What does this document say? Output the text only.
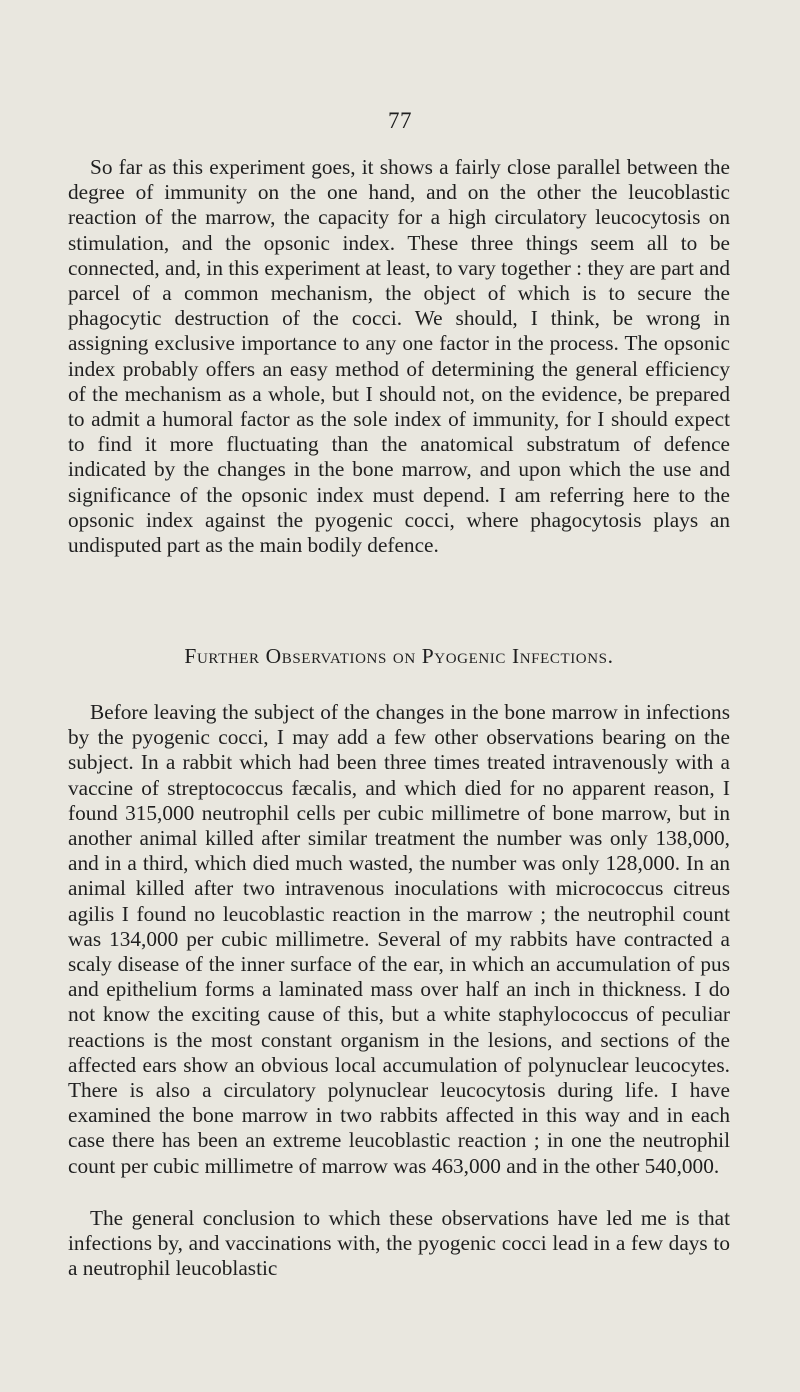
77

So far as this experiment goes, it shows a fairly close parallel between the degree of immunity on the one hand, and on the other the leucoblastic reaction of the marrow, the capacity for a high circulatory leucocytosis on stimulation, and the opsonic index. These three things seem all to be connected, and, in this experiment at least, to vary together : they are part and parcel of a common mechanism, the object of which is to secure the phagocytic destruction of the cocci. We should, I think, be wrong in assigning exclusive importance to any one factor in the process. The opsonic index probably offers an easy method of determining the general efficiency of the mechanism as a whole, but I should not, on the evidence, be prepared to admit a humoral factor as the sole index of immunity, for I should expect to find it more fluctuating than the anatomical substratum of defence indicated by the changes in the bone marrow, and upon which the use and significance of the opsonic index must depend. I am referring here to the opsonic index against the pyogenic cocci, where phagocytosis plays an undisputed part as the main bodily defence.

Further Observations on Pyogenic Infections.

Before leaving the subject of the changes in the bone marrow in infections by the pyogenic cocci, I may add a few other observations bearing on the subject. In a rabbit which had been three times treated intravenously with a vaccine of streptococcus fæcalis, and which died for no apparent reason, I found 315,000 neutrophil cells per cubic millimetre of bone marrow, but in another animal killed after similar treatment the number was only 138,000, and in a third, which died much wasted, the number was only 128,000. In an animal killed after two intravenous inoculations with micrococcus citreus agilis I found no leucoblastic reaction in the marrow ; the neutrophil count was 134,000 per cubic millimetre. Several of my rabbits have contracted a scaly disease of the inner surface of the ear, in which an accumulation of pus and epithelium forms a laminated mass over half an inch in thickness. I do not know the exciting cause of this, but a white staphylococcus of peculiar reactions is the most constant organism in the lesions, and sections of the affected ears show an obvious local accumulation of polynuclear leucocytes. There is also a circulatory polynuclear leucocytosis during life. I have examined the bone marrow in two rabbits affected in this way and in each case there has been an extreme leucoblastic reaction ; in one the neutrophil count per cubic millimetre of marrow was 463,000 and in the other 540,000.

The general conclusion to which these observations have led me is that infections by, and vaccinations with, the pyogenic cocci lead in a few days to a neutrophil leucoblastic
